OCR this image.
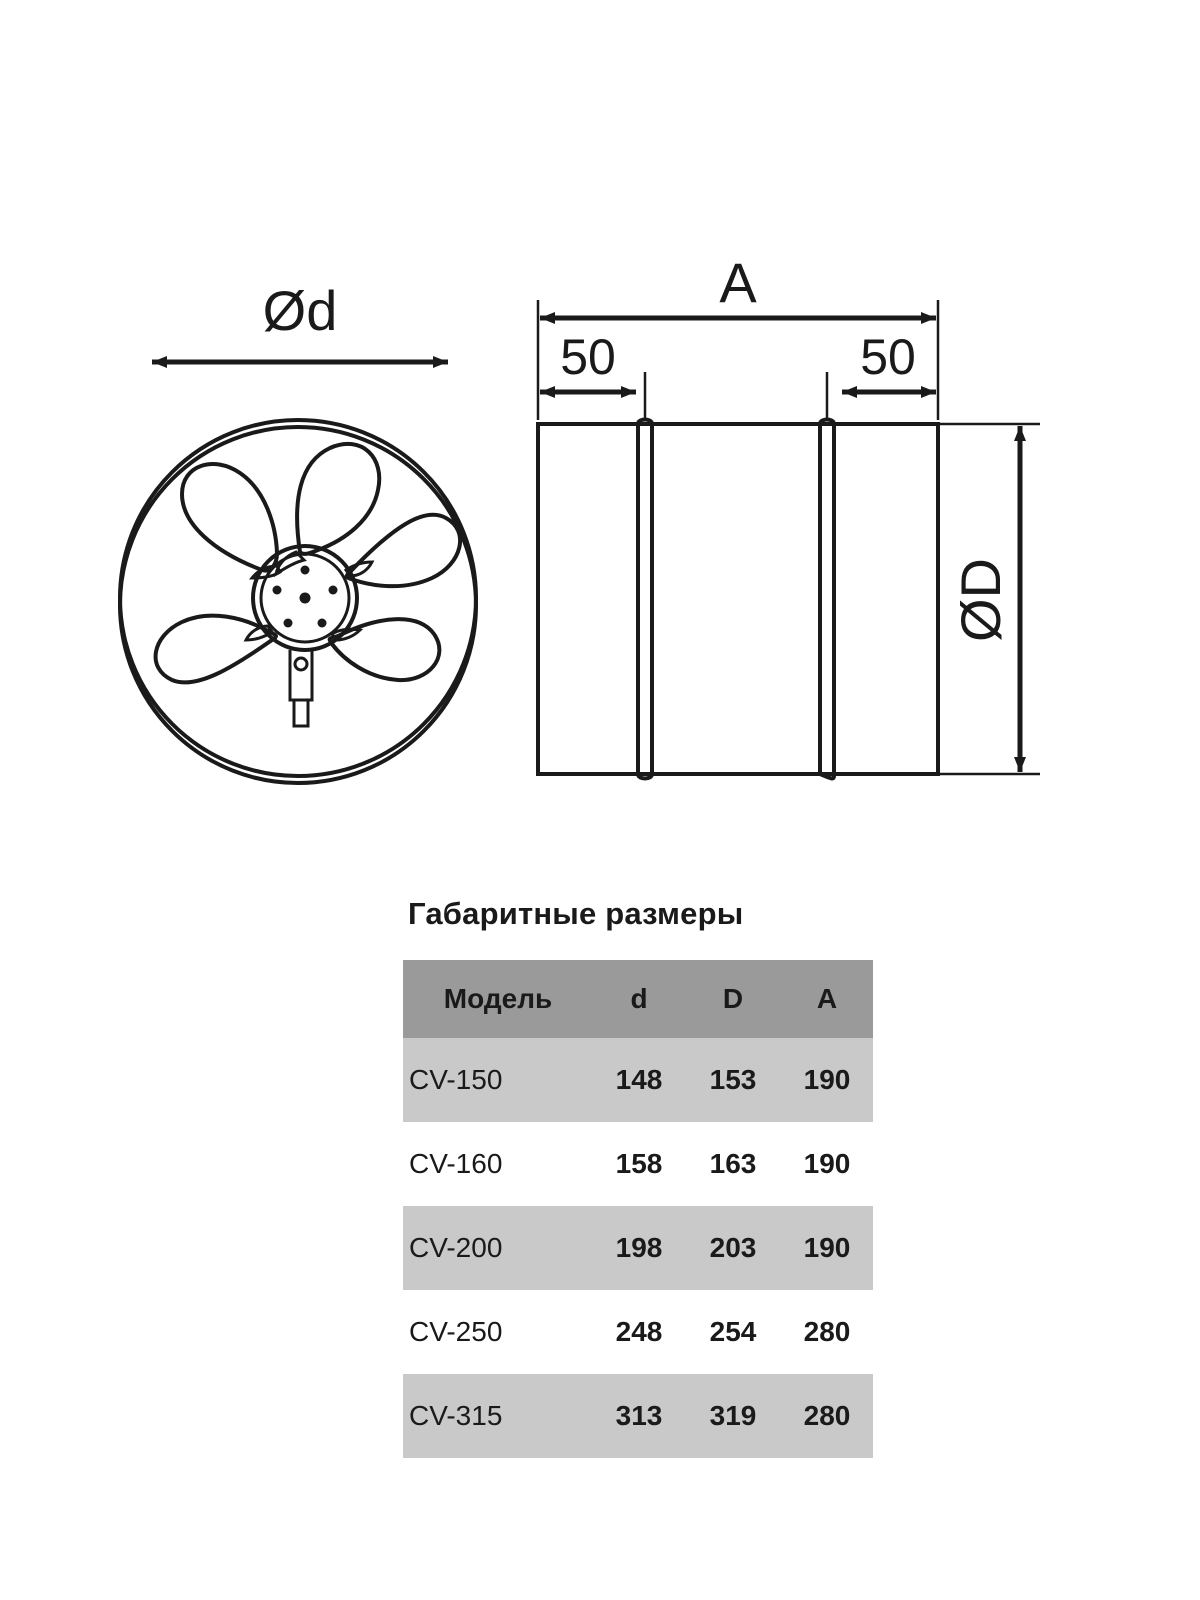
Ød	A
50	50
ØD
Габаритные размеры
Модель	d	D	A
CV-150	148	153	190
CV-160	158	163	190
CV-200	198	203	190
CV-250	248	254	280
CV-315	313	319	280
